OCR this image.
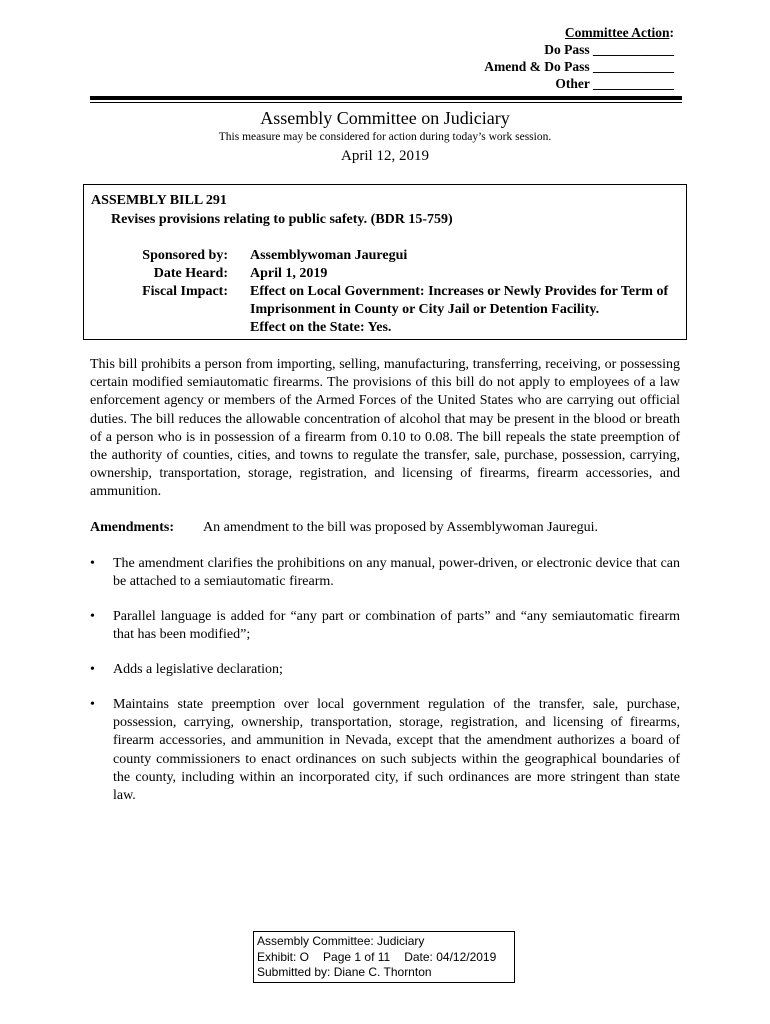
Committee Action:
Do Pass ____________
Amend & Do Pass ____________
Other ____________
Assembly Committee on Judiciary
This measure may be considered for action during today’s work session.
April 12, 2019
ASSEMBLY BILL 291
Revises provisions relating to public safety. (BDR 15-759)
Sponsored by:
Date Heard:
Fiscal Impact:
Assemblywoman Jauregui
April 1, 2019
Effect on Local Government: Increases or Newly Provides for Term of Imprisonment in County or City Jail or Detention Facility.
Effect on the State: Yes.
This bill prohibits a person from importing, selling, manufacturing, transferring, receiving, or possessing certain modified semiautomatic firearms. The provisions of this bill do not apply to employees of a law enforcement agency or members of the Armed Forces of the United States who are carrying out official duties. The bill reduces the allowable concentration of alcohol that may be present in the blood or breath of a person who is in possession of a firearm from 0.10 to 0.08. The bill repeals the state preemption of the authority of counties, cities, and towns to regulate the transfer, sale, purchase, possession, carrying, ownership, transportation, storage, registration, and licensing of firearms, firearm accessories, and ammunition.
Amendments: An amendment to the bill was proposed by Assemblywoman Jauregui.
• The amendment clarifies the prohibitions on any manual, power-driven, or electronic device that can be attached to a semiautomatic firearm.
• Parallel language is added for “any part or combination of parts” and “any semiautomatic firearm that has been modified”;
• Adds a legislative declaration;
• Maintains state preemption over local government regulation of the transfer, sale, purchase, possession, carrying, ownership, transportation, storage, registration, and licensing of firearms, firearm accessories, and ammunition in Nevada, except that the amendment authorizes a board of county commissioners to enact ordinances on such subjects within the geographical boundaries of the county, including within an incorporated city, if such ordinances are more stringent than state law.
Assembly Committee: Judiciary
Exhibit: O Page 1 of 11 Date: 04/12/2019
Submitted by: Diane C. Thornton
